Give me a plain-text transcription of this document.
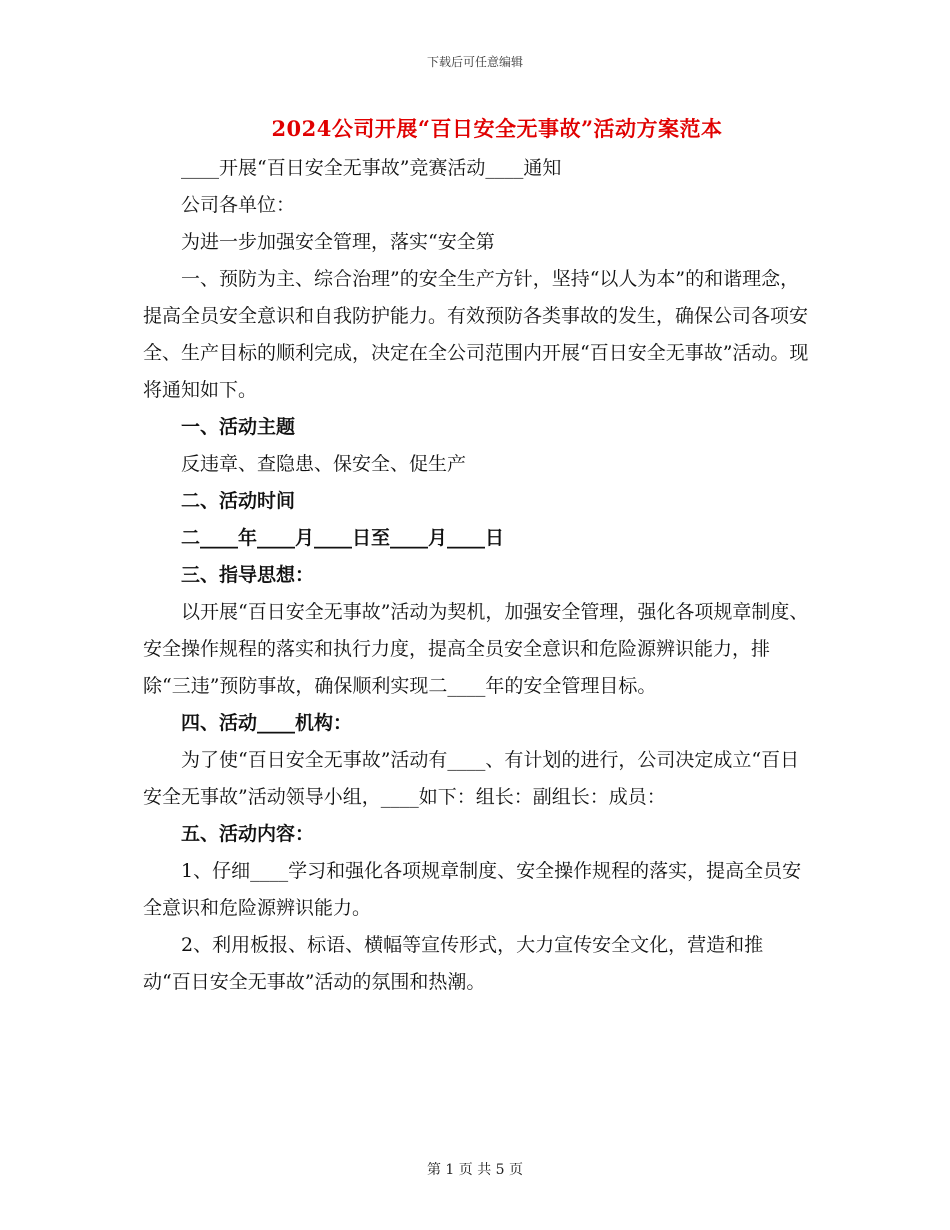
下载后可任意编辑
2024公司开展“百日安全无事故”活动方案范本

____开展“百日安全无事故”竞赛活动____通知

公司各单位：

为进一步加强安全管理，落实“安全第

一、预防为主、综合治理”的安全生产方针，坚持“以人为本”的和谐理念，提高全员安全意识和自我防护能力。有效预防各类事故的发生，确保公司各项安全、生产目标的顺利完成，决定在全公司范围内开展“百日安全无事故”活动。现将通知如下。

一、活动主题

反违章、查隐患、保安全、促生产

二、活动时间

二____年____月____日至____月____日

三、指导思想：

以开展“百日安全无事故”活动为契机，加强安全管理，强化各项规章制度、安全操作规程的落实和执行力度，提高全员安全意识和危险源辨识能力，排除“三违”预防事故，确保顺利实现二____年的安全管理目标。

四、活动____机构：

为了使“百日安全无事故”活动有____、有计划的进行，公司决定成立“百日安全无事故”活动领导小组，____如下：组长：副组长：成员：

五、活动内容：

1、仔细____学习和强化各项规章制度、安全操作规程的落实，提高全员安全意识和危险源辨识能力。

2、利用板报、标语、横幅等宣传形式，大力宣传安全文化，营造和推动“百日安全无事故”活动的氛围和热潮。

第 1 页 共 5 页
